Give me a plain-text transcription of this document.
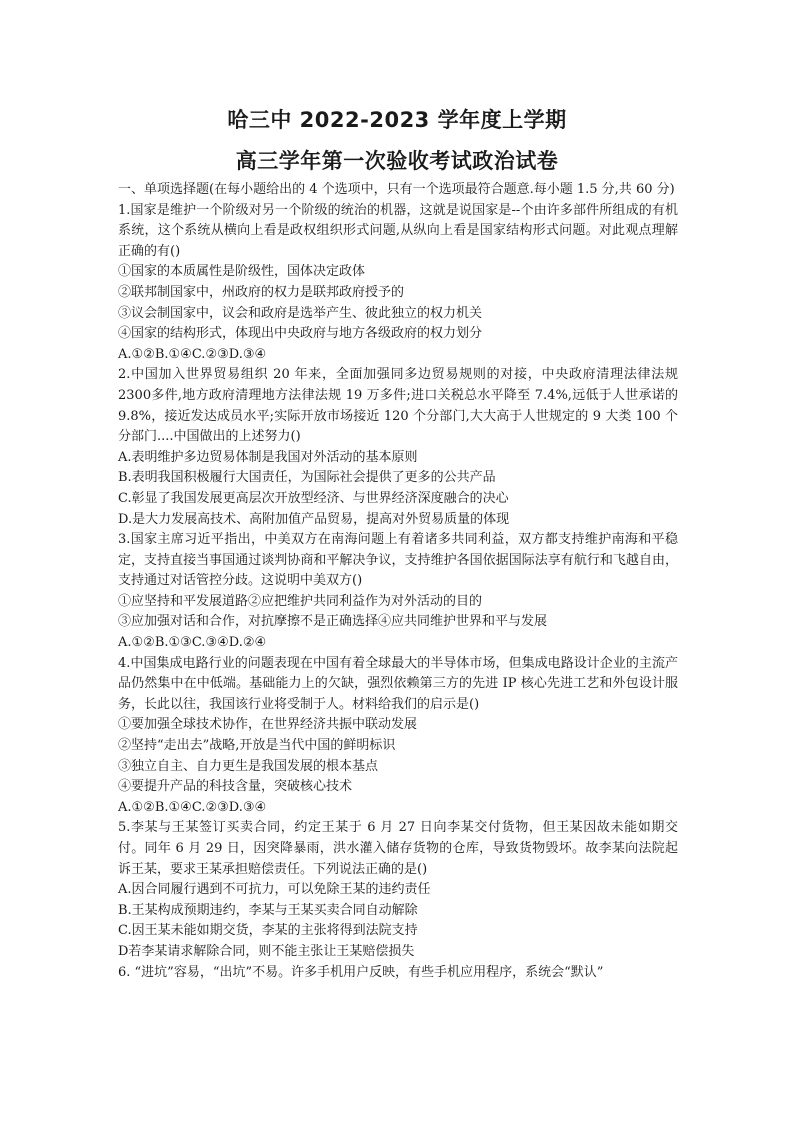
哈三中 2022-2023 学年度上学期
高三学年第一次验收考试政治试卷

一、单项选择题(在每小题给出的 4 个选项中，只有一个选项最符合题意.每小题 1.5 分,共 60 分)

1.国家是维护一个阶级对另一个阶级的统治的机器，这就是说国家是--个由许多部件所组成的有机系统，这个系统从横向上看是政权组织形式问题,从纵向上看是国家结构形式问题。对此观点理解正确的有()

①国家的本质属性是阶级性，国体决定政体

②联邦制国家中，州政府的权力是联邦政府授予的

③议会制国家中，议会和政府是选举产生、彼此独立的权力机关

④国家的结构形式，体现出中央政府与地方各级政府的权力划分

A.①②B.①④C.②③D.③④

2.中国加入世界贸易组织 20 年来，全面加强同多边贸易规则的对接，中央政府清理法律法规 2300多件,地方政府清理地方法律法规 19 万多件;进口关税总水平降至 7.4%,远低于人世承诺的 9.8%，接近发达成员水平;实际开放市场接近 120 个分部门,大大高于人世规定的 9 大类 100 个分部门....中国做出的上述努力()

A.表明维护多边贸易体制是我国对外活动的基本原则

B.表明我国积极履行大国责任，为国际社会提供了更多的公共产品

C.彰显了我国发展更高层次开放型经济、与世界经济深度融合的决心

D.是大力发展高技术、高附加值产品贸易，提高对外贸易质量的体现

3.国家主席习近平指出，中美双方在南海问题上有着诸多共同利益，双方都支持维护南海和平稳定，支持直接当事国通过谈判协商和平解决争议，支持维护各国依据国际法享有航行和飞越自由，支持通过对话管控分歧。这说明中美双方()

①应坚持和平发展道路②应把维护共同利益作为对外活动的目的

③应加强对话和合作，对抗摩擦不是正确选择④应共同维护世界和平与发展

A.①②B.①③C.③④D.②④

4.中国集成电路行业的问题表现在中国有着全球最大的半导体市场，但集成电路设计企业的主流产品仍然集中在中低端。基础能力上的欠缺，强烈依赖第三方的先进 IP 核心先进工艺和外包设计服务，长此以往，我国该行业将受制于人。材料给我们的启示是()

①要加强全球技术协作，在世界经济共振中联动发展

②坚持“走出去”战略,开放是当代中国的鲜明标识

③独立自主、自力更生是我国发展的根本基点

④要提升产品的科技含量，突破核心技术

A.①②B.①④C.②③D.③④

5.李某与王某签订买卖合同，约定王某于 6 月 27 日向李某交付货物，但王某因故未能如期交付。同年 6 月 29 日，因突降暴雨，洪水灌入储存货物的仓库，导致货物毁坏。故李某向法院起诉王某，要求王某承担赔偿责任。下列说法正确的是()

A.因合同履行遇到不可抗力，可以免除王某的违约责任

B.王某构成预期违约，李某与王某买卖合同自动解除

C.因王某未能如期交货，李某的主张将得到法院支持

D若李某请求解除合同，则不能主张让王某赔偿损失

6. “进坑”容易，“出坑”不易。许多手机用户反映，有些手机应用程序，系统会“默认”
